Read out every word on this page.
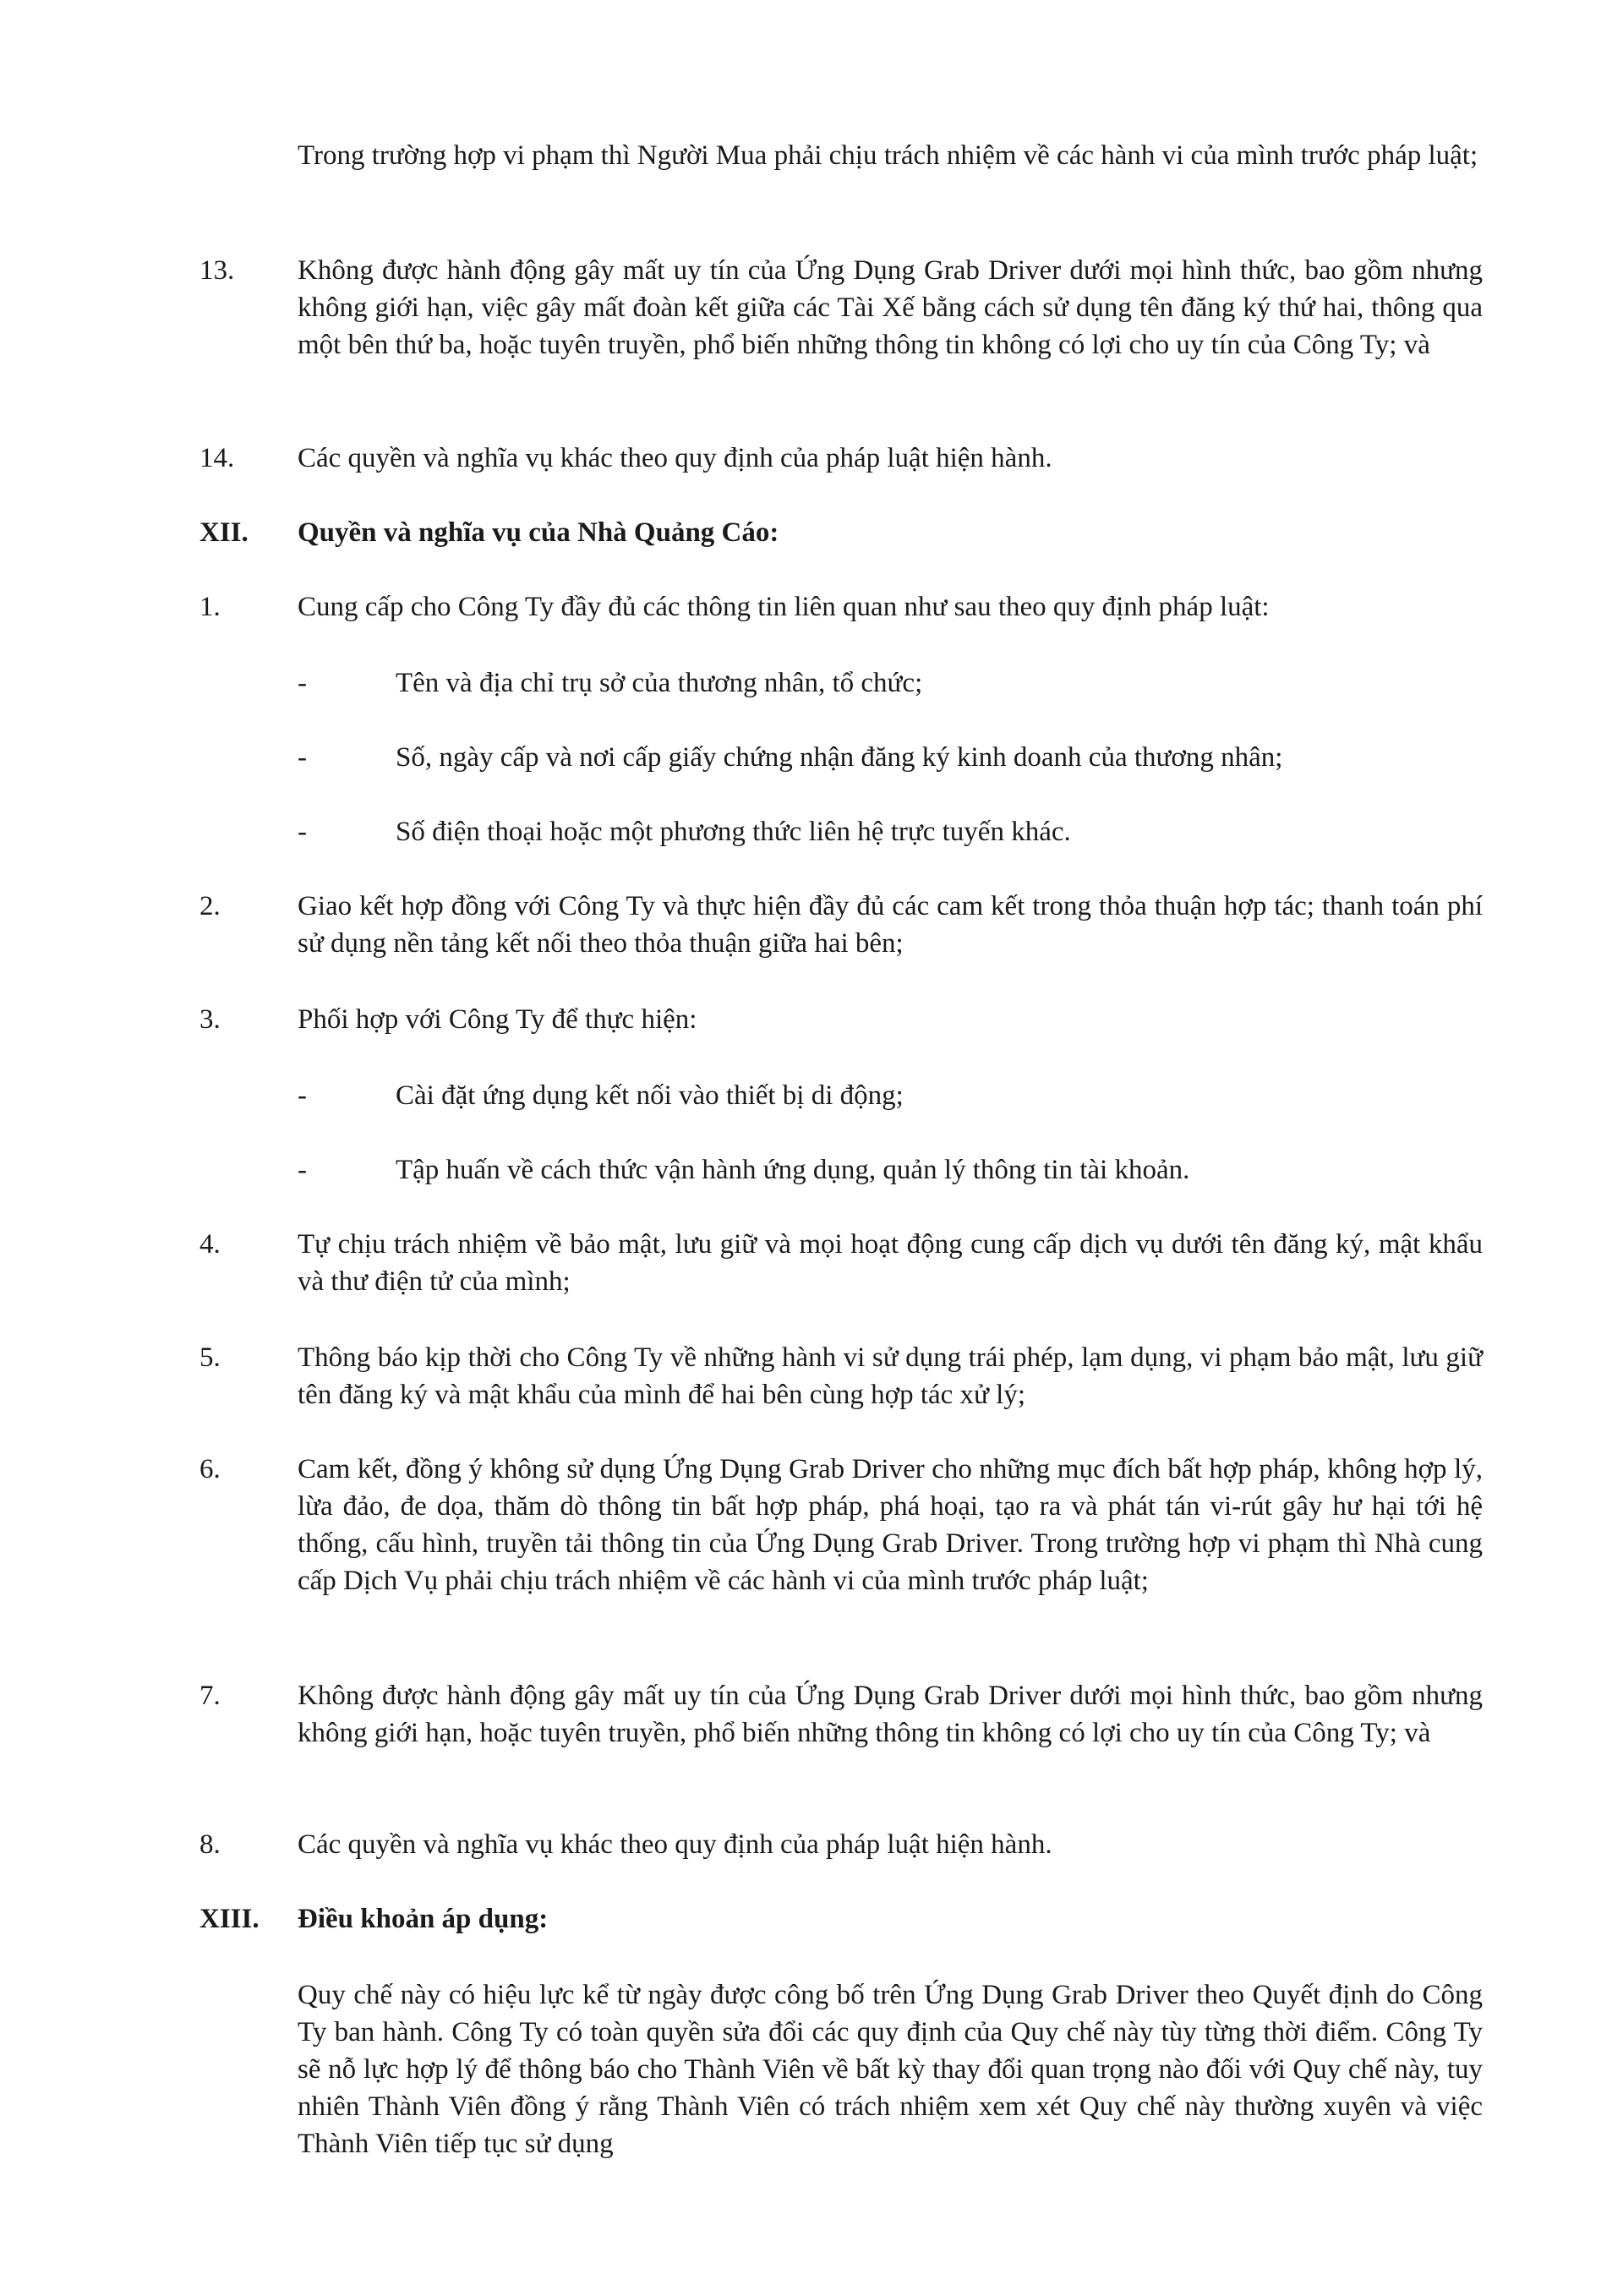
Trong trường hợp vi phạm thì Người Mua phải chịu trách nhiệm về các hành vi của mình trước pháp luật;
13.	Không được hành động gây mất uy tín của Ứng Dụng Grab Driver dưới mọi hình thức, bao gồm nhưng không giới hạn, việc gây mất đoàn kết giữa các Tài Xế bằng cách sử dụng tên đăng ký thứ hai, thông qua một bên thứ ba, hoặc tuyên truyền, phổ biến những thông tin không có lợi cho uy tín của Công Ty; và
14.	Các quyền và nghĩa vụ khác theo quy định của pháp luật hiện hành.
XII.	Quyền và nghĩa vụ của Nhà Quảng Cáo:
1.	Cung cấp cho Công Ty đầy đủ các thông tin liên quan như sau theo quy định pháp luật:
-	Tên và địa chỉ trụ sở của thương nhân, tổ chức;
-	Số, ngày cấp và nơi cấp giấy chứng nhận đăng ký kinh doanh của thương nhân;
-	Số điện thoại hoặc một phương thức liên hệ trực tuyến khác.
2.	Giao kết hợp đồng với Công Ty và thực hiện đầy đủ các cam kết trong thỏa thuận hợp tác; thanh toán phí sử dụng nền tảng kết nối theo thỏa thuận giữa hai bên;
3.	Phối hợp với Công Ty để thực hiện:
-	Cài đặt ứng dụng kết nối vào thiết bị di động;
-	Tập huấn về cách thức vận hành ứng dụng, quản lý thông tin tài khoản.
4.	Tự chịu trách nhiệm về bảo mật, lưu giữ và mọi hoạt động cung cấp dịch vụ dưới tên đăng ký, mật khẩu và thư điện tử của mình;
5.	Thông báo kịp thời cho Công Ty về những hành vi sử dụng trái phép, lạm dụng, vi phạm bảo mật, lưu giữ tên đăng ký và mật khẩu của mình để hai bên cùng hợp tác xử lý;
6.	Cam kết, đồng ý không sử dụng Ứng Dụng Grab Driver cho những mục đích bất hợp pháp, không hợp lý, lừa đảo, đe dọa, thăm dò thông tin bất hợp pháp, phá hoại, tạo ra và phát tán vi-rút gây hư hại tới hệ thống, cấu hình, truyền tải thông tin của Ứng Dụng Grab Driver. Trong trường hợp vi phạm thì Nhà cung cấp Dịch Vụ phải chịu trách nhiệm về các hành vi của mình trước pháp luật;
7.	Không được hành động gây mất uy tín của Ứng Dụng Grab Driver dưới mọi hình thức, bao gồm nhưng không giới hạn, hoặc tuyên truyền, phổ biến những thông tin không có lợi cho uy tín của Công Ty; và
8.	Các quyền và nghĩa vụ khác theo quy định của pháp luật hiện hành.
XIII.	Điều khoản áp dụng:
Quy chế này có hiệu lực kể từ ngày được công bố trên Ứng Dụng Grab Driver theo Quyết định do Công Ty ban hành. Công Ty có toàn quyền sửa đổi các quy định của Quy chế này tùy từng thời điểm. Công Ty sẽ nỗ lực hợp lý để thông báo cho Thành Viên về bất kỳ thay đổi quan trọng nào đối với Quy chế này, tuy nhiên Thành Viên đồng ý rằng Thành Viên có trách nhiệm xem xét Quy chế này thường xuyên và việc Thành Viên tiếp tục sử dụng
